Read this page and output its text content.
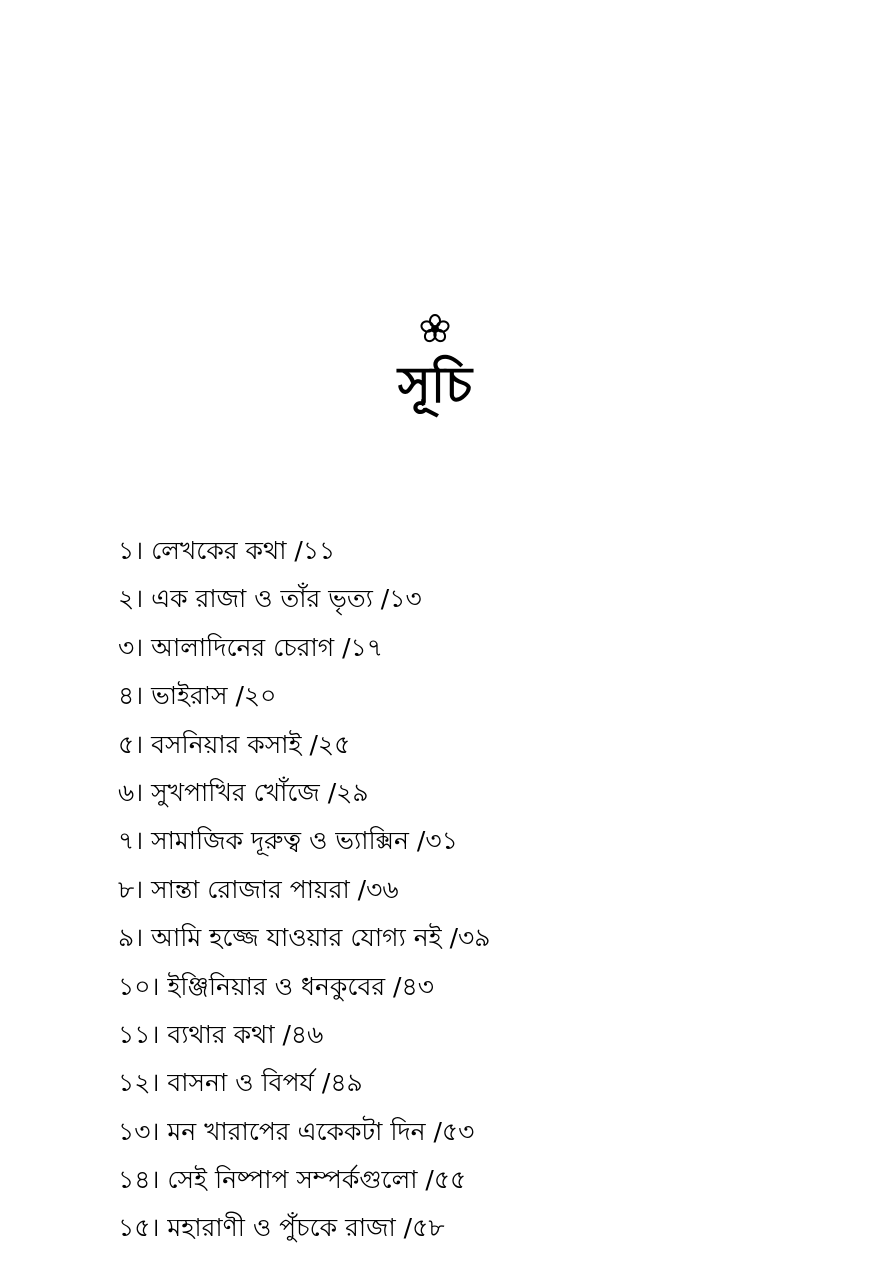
সূচি
১। লেখকের কথা /১১
২। এক রাজা ও তাঁর ভৃত্য /১৩
৩। আলাদিনের চেরাগ /১৭
৪। ভাইরাস /২০
৫। বসনিয়ার কসাই /২৫
৬। সুখপাখির খোঁজে /২৯
৭। সামাজিক দূরুত্ব ও ভ্যাক্সিন /৩১
৮। সান্তা রোজার পায়রা /৩৬
৯। আমি হজ্জে যাওয়ার যোগ্য নই /৩৯
১০। ইঞ্জিনিয়ার ও ধনকুবের /৪৩
১১। ব্যথার কথা /৪৬
১২। বাসনা ও বিপর্য /৪৯
১৩। মন খারাপের একেকটা দিন /৫৩
১৪। সেই নিষ্পাপ সম্পর্কগুলো /৫৫
১৫। মহারাণী ও পুঁচকে রাজা /৫৮
